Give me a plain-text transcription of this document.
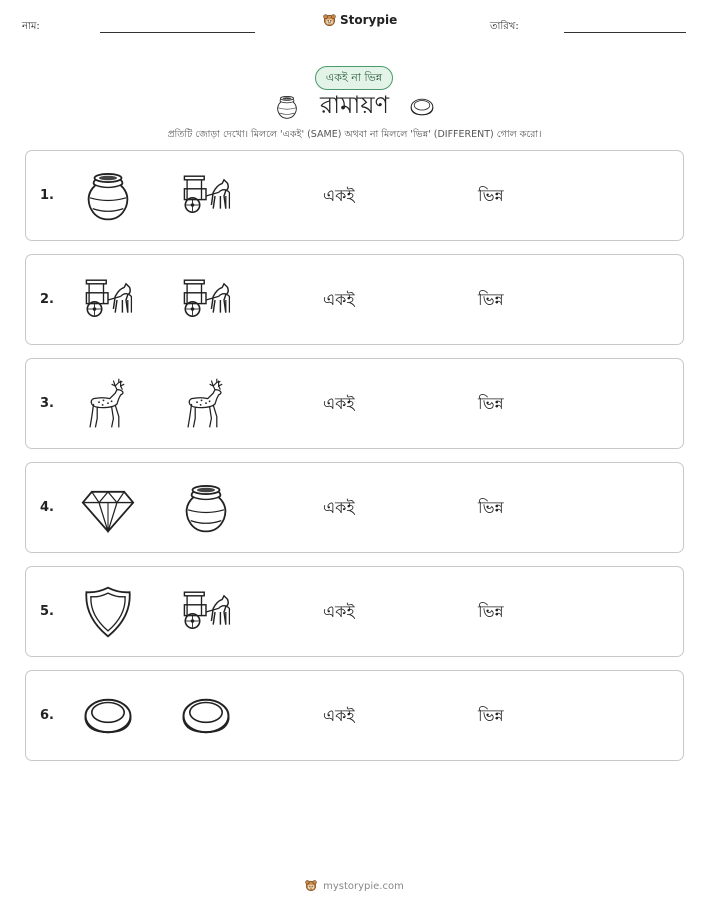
নাম:	Storypie	তারিখ:
একই না ভিন্ন
রামায়ণ
প্রতিটি জোড়া দেখো। মিললে 'একই' (SAME) অথবা না মিললে 'ভিন্ন' (DIFFERENT) গোল করো।
1.	একই	ভিন্ন
2.	একই	ভিন্ন
3.	একই	ভিন্ন
4.	একই	ভিন্ন
5.	একই	ভিন্ন
6.	একই	ভিন্ন
mystorypie.com
